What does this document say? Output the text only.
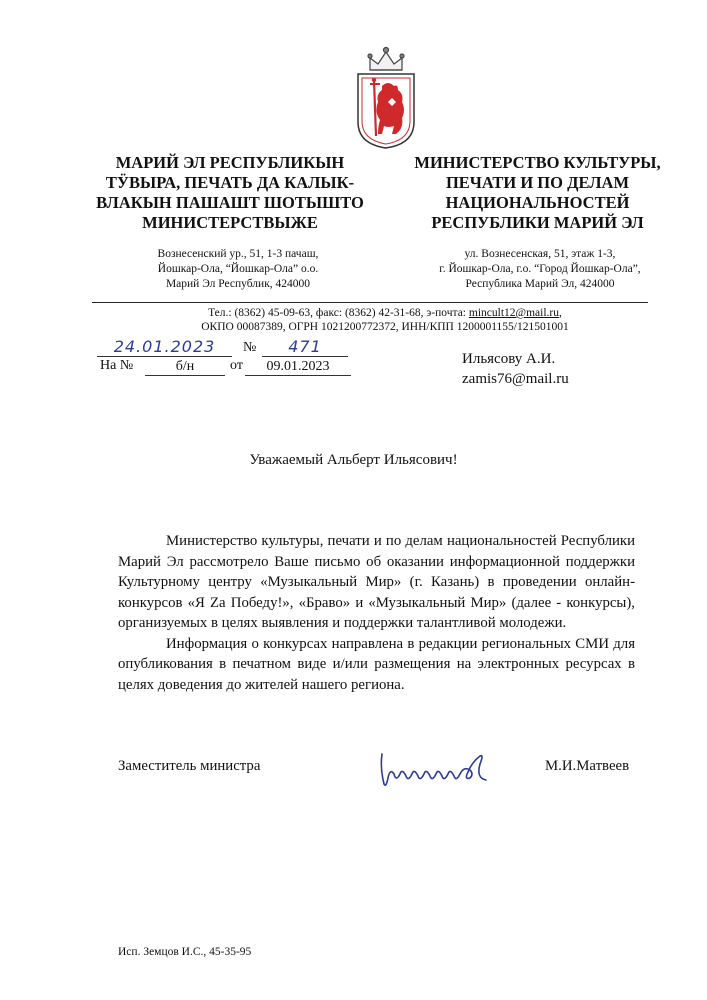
МАРИЙ ЭЛ РЕСПУБЛИКЫН
ТӰВЫРА, ПЕЧАТЬ ДА КАЛЫК-
ВЛАКЫН ПАШАШТ ШОТЫШТО
МИНИСТЕРСТВЫЖЕ
МИНИСТЕРСТВО КУЛЬТУРЫ,
ПЕЧАТИ И ПО ДЕЛАМ
НАЦИОНАЛЬНОСТЕЙ
РЕСПУБЛИКИ МАРИЙ ЭЛ
Вознесенский ур., 51, 1-3 пачаш,
Йошкар-Ола, “Йошкар-Ола” о.о.
Марий Эл Республик, 424000
ул. Вознесенская, 51, этаж 1-3,
г. Йошкар-Ола, г.о. “Город Йошкар-Ола”,
Республика Марий Эл, 424000
Тел.: (8362) 45-09-63, факс: (8362) 42-31-68, э-почта: mincult12@mail.ru,
ОКПО 00087389, ОГРН 1021200772372, ИНН/КПП 1200001155/121501001
24.01.2023	№	471
На №	б/н	от	09.01.2023	Ильясову А.И.
zamis76@mail.ru
Уважаемый Альберт Ильясович!

Министерство культуры, печати и по делам национальностей Республики Марий Эл рассмотрело Ваше письмо об оказании информационной поддержки Культурному центру «Музыкальный Мир» (г. Казань) в проведении онлайн-конкурсов «Я Zа Победу!», «Браво» и «Музыкальный Мир» (далее - конкурсы), организуемых в целях выявления и поддержки талантливой молодежи.

Информация о конкурсах направлена в редакции региональных СМИ для опубликования в печатном виде и/или размещения на электронных ресурсах в целях доведения до жителей нашего региона.

Заместитель министра	М.И.Матвеев
Исп. Земцов И.С., 45-35-95
